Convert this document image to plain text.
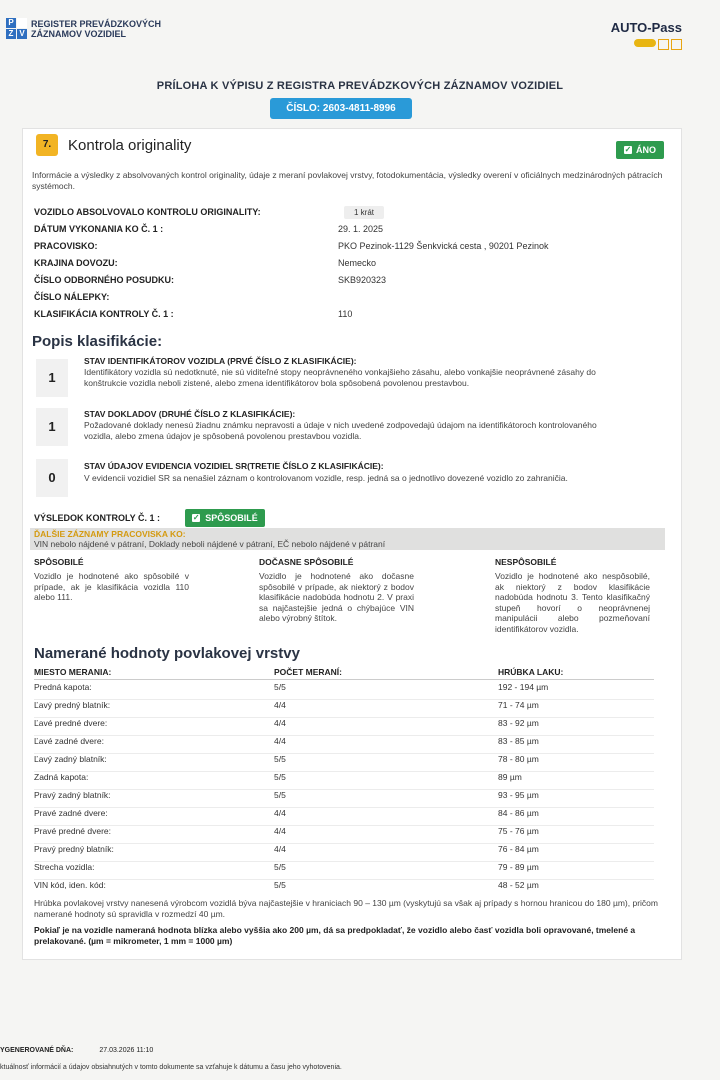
P
Z V
REGISTER PREVÁDZKOVÝCH
ZÁZNAMOV VOZIDIEL	AUTO-Pass
PRÍLOHA K VÝPISU Z REGISTRA PREVÁDZKOVÝCH ZÁZNAMOV VOZIDIEL
ČÍSLO: 2603-4811-8996
7.	Kontrola originality	✓ ÁNO
Informácie a výsledky z absolvovaných kontrol originality, údaje z meraní povlakovej vrstvy, fotodokumentácia, výsledky overení v oficiálnych medzinárodných pátracích systémoch.
VOZIDLO ABSOLVOVALO KONTROLU ORIGINALITY:	1 krát
DÁTUM VYKONANIA KO Č. 1 :	29. 1. 2025
PRACOVISKO:	PKO Pezinok-1129 Šenkvická cesta , 90201 Pezinok
KRAJINA DOVOZU:	Nemecko
ČÍSLO ODBORNÉHO POSUDKU:	SKB920323
ČÍSLO NÁLEPKY:
KLASIFIKÁCIA KONTROLY Č. 1 :	110
Popis klasifikácie:
1
STAV IDENTIFIKÁTOROV VOZIDLA (PRVÉ ČÍSLO Z KLASIFIKÁCIE):
Identifikátory vozidla sú nedotknuté, nie sú viditeľné stopy neoprávneného vonkajšieho zásahu, alebo vonkajšie neoprávnené zásahy do konštrukcie vozidla neboli zistené, alebo zmena identifikátorov bola spôsobená povolenou prestavbou.
1
STAV DOKLADOV (DRUHÉ ČÍSLO Z KLASIFIKÁCIE):
Požadované doklady nenesú žiadnu známku nepravosti a údaje v nich uvedené zodpovedajú údajom na identifikátoroch kontrolovaného vozidla, alebo zmena údajov je spôsobená povolenou prestavbou vozidla.
0
STAV ÚDAJOV EVIDENCIA VOZIDIEL SR(TRETIE ČÍSLO Z KLASIFIKÁCIE):
V evidencii vozidiel SR sa nenašiel záznam o kontrolovanom vozidle, resp. jedná sa o jednotlivo dovezené vozidlo zo zahraničia.
VÝSLEDOK KONTROLY Č. 1 :	✓ SPÔSOBILÉ
ĎALŠIE ZÁZNAMY PRACOVISKA KO:
VIN nebolo nájdené v pátraní, Doklady neboli nájdené v pátraní, EČ nebolo nájdené v pátraní
SPÔSOBILÉ
Vozidlo je hodnotené ako spôsobilé v prípade, ak je klasifikácia vozidla 110 alebo 111.
DOČASNE SPÔSOBILÉ
Vozidlo je hodnotené ako dočasne spôsobilé v prípade, ak niektorý z bodov klasifikácie nadobúda hodnotu 2. V praxi sa najčastejšie jedná o chýbajúce VIN alebo výrobný štítok.
NESPÔSOBILÉ
Vozidlo je hodnotené ako nespôsobilé, ak niektorý z bodov klasifikácie nadobúda hodnotu 3. Tento klasifikačný stupeň hovorí o neoprávnenej manipulácii alebo pozmeňovaní identifikátorov vozidla.
Namerané hodnoty povlakovej vrstvy
MIESTO MERANIA:	POČET MERANÍ:	HRÚBKA LAKU:
Predná kapota:	5/5	192 - 194 µm
Ľavý predný blatník:	4/4	71 - 74 µm
Ľavé predné dvere:	4/4	83 - 92 µm
Ľavé zadné dvere:	4/4	83 - 85 µm
Ľavý zadný blatník:	5/5	78 - 80 µm
Zadná kapota:	5/5	89 µm
Pravý zadný blatník:	5/5	93 - 95 µm
Pravé zadné dvere:	4/4	84 - 86 µm
Pravé predné dvere:	4/4	75 - 76 µm
Pravý predný blatník:	4/4	76 - 84 µm
Strecha vozidla:	5/5	79 - 89 µm
VIN kód, iden. kód:	5/5	48 - 52 µm
Hrúbka povlakovej vrstvy nanesená výrobcom vozidlá býva najčastejšie v hraniciach 90 – 130 µm (vyskytujú sa však aj prípady s hornou hranicou do 180 µm), pričom namerané hodnoty sú spravidla v rozmedzí 40 µm.
Pokiaľ je na vozidle nameraná hodnota blízka alebo vyššia ako 200 µm, dá sa predpokladať, že vozidlo alebo časť vozidla boli opravované, tmelené a prelakované. (µm = mikrometer, 1 mm = 1000 µm)
YGENEROVANÉ DŇA:	27.03.2026 11:10
ktuálnosť informácií a údajov obsiahnutých v tomto dokumente sa vzťahuje k dátumu a času jeho vyhotovenia.
